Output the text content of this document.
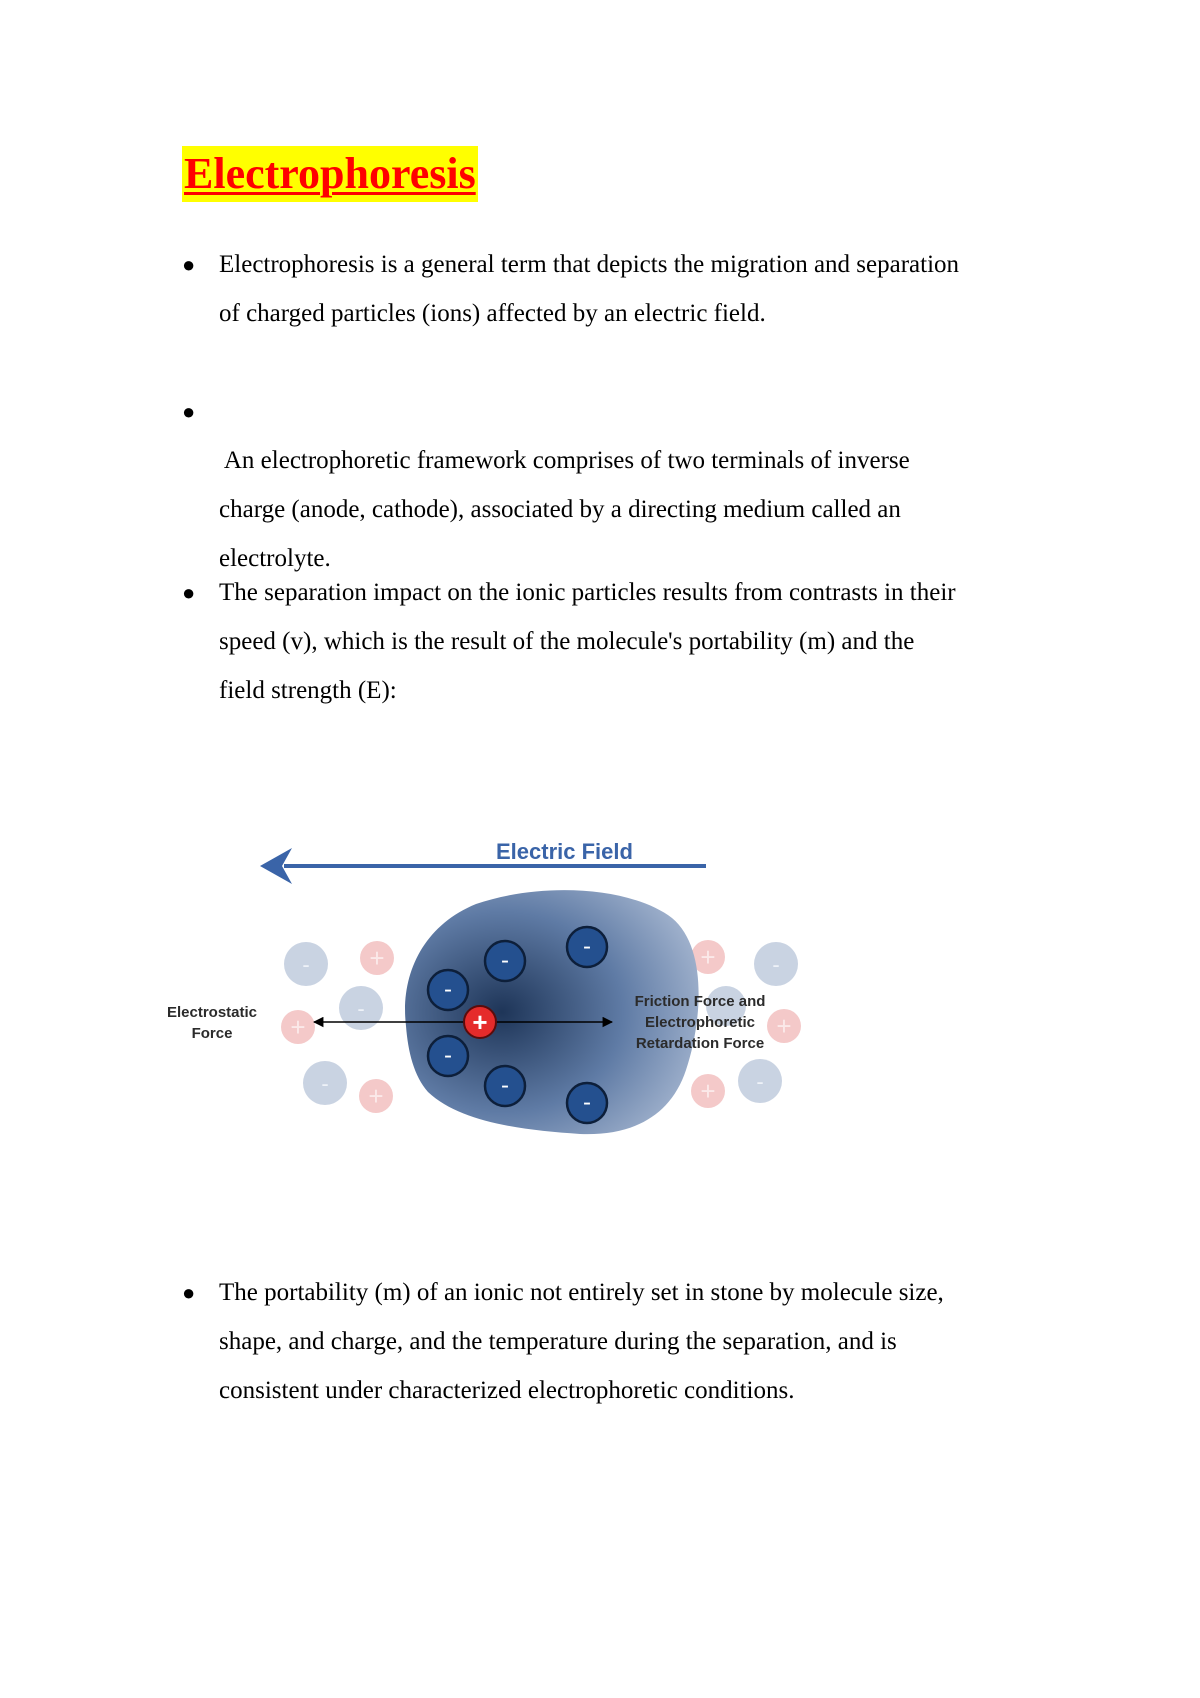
Electrophoresis
● Electrophoresis is a general term that depicts the migration and separation
of charged particles (ions) affected by an electric field.
●

An electrophoretic framework comprises of two terminals of inverse
charge (anode, cathode), associated by a directing medium called an
electrolyte.
● The separation impact on the ionic particles results from contrasts in their
speed (v), which is the result of the molecule's portability (m) and the
field strength (E):
Electric Field
- +
-
+
- +
+	-
+
+ -
-
-
-
-
-
-
+
Electrostatic
Force
Friction Force and
Electrophoretic
Retardation Force
● The portability (m) of an ionic not entirely set in stone by molecule size,
shape, and charge, and the temperature during the separation, and is
consistent under characterized electrophoretic conditions.
